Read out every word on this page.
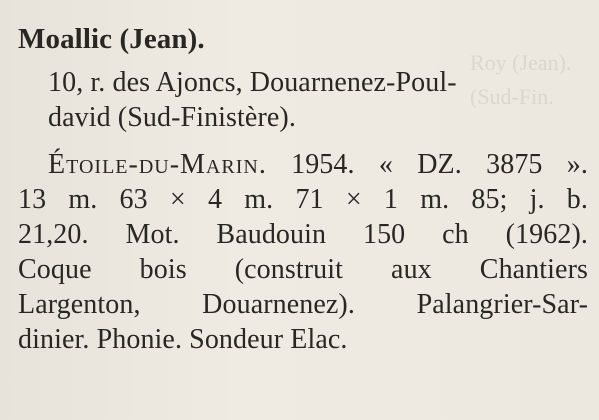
Roy (Jean).
(Sud-Fin.

Moallic (Jean).

10, r. des Ajoncs, Douarnenez-Poul-
david (Sud-Finistère).
Étoile-du-Marin. 1954. « DZ. 3875 ».
13 m. 63 × 4 m. 71 × 1 m. 85; j. b.
21,20. Mot. Baudouin 150 ch (1962).
Coque bois (construit aux Chantiers
Largenton, Douarnenez). Palangrier-Sar-
dinier. Phonie. Sondeur Elac.
